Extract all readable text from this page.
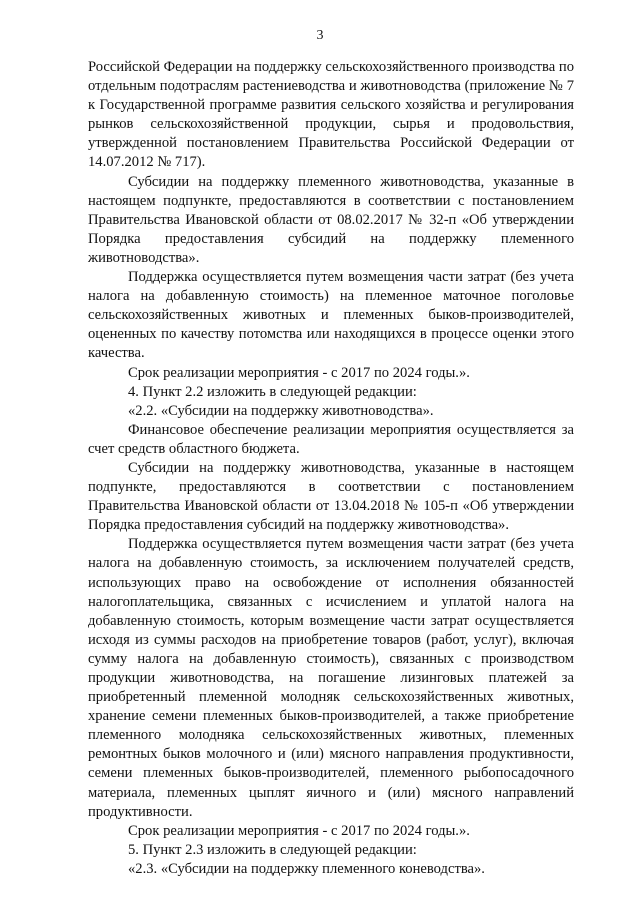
3

Российской Федерации на поддержку сельскохозяйственного производства по отдельным подотраслям растениеводства и животноводства (приложение № 7 к Государственной программе развития сельского хозяйства и регулирования рынков сельскохозяйственной продукции, сырья и продовольствия, утвержденной постановлением Правительства Российской Федерации от 14.07.2012 № 717).

Субсидии на поддержку племенного животноводства, указанные в настоящем подпункте, предоставляются в соответствии с постановлением Правительства Ивановской области от 08.02.2017 № 32-п «Об утверждении Порядка предоставления субсидий на поддержку племенного животноводства».

Поддержка осуществляется путем возмещения части затрат (без учета налога на добавленную стоимость) на племенное маточное поголовье сельскохозяйственных животных и племенных быков-производителей, оцененных по качеству потомства или находящихся в процессе оценки этого качества.

Срок реализации мероприятия - с 2017 по 2024 годы.».

4. Пункт 2.2 изложить в следующей редакции:

«2.2. «Субсидии на поддержку животноводства».

Финансовое обеспечение реализации мероприятия осуществляется за счет средств областного бюджета.

Субсидии на поддержку животноводства, указанные в настоящем подпункте, предоставляются в соответствии с постановлением Правительства Ивановской области от 13.04.2018 № 105-п «Об утверждении Порядка предоставления субсидий на поддержку животноводства».

Поддержка осуществляется путем возмещения части затрат (без учета налога на добавленную стоимость, за исключением получателей средств, использующих право на освобождение от исполнения обязанностей налогоплательщика, связанных с исчислением и уплатой налога на добавленную стоимость, которым возмещение части затрат осуществляется исходя из суммы расходов на приобретение товаров (работ, услуг), включая сумму налога на добавленную стоимость), связанных с производством продукции животноводства, на погашение лизинговых платежей за приобретенный племенной молодняк сельскохозяйственных животных, хранение семени племенных быков-производителей, а также приобретение племенного молодняка сельскохозяйственных животных, племенных ремонтных быков молочного и (или) мясного направления продуктивности, семени племенных быков-производителей, племенного рыбопосадочного материала, племенных цыплят яичного и (или) мясного направлений продуктивности.

Срок реализации мероприятия - с 2017 по 2024 годы.».

5. Пункт 2.3 изложить в следующей редакции:

«2.3. «Субсидии на поддержку племенного коневодства».
